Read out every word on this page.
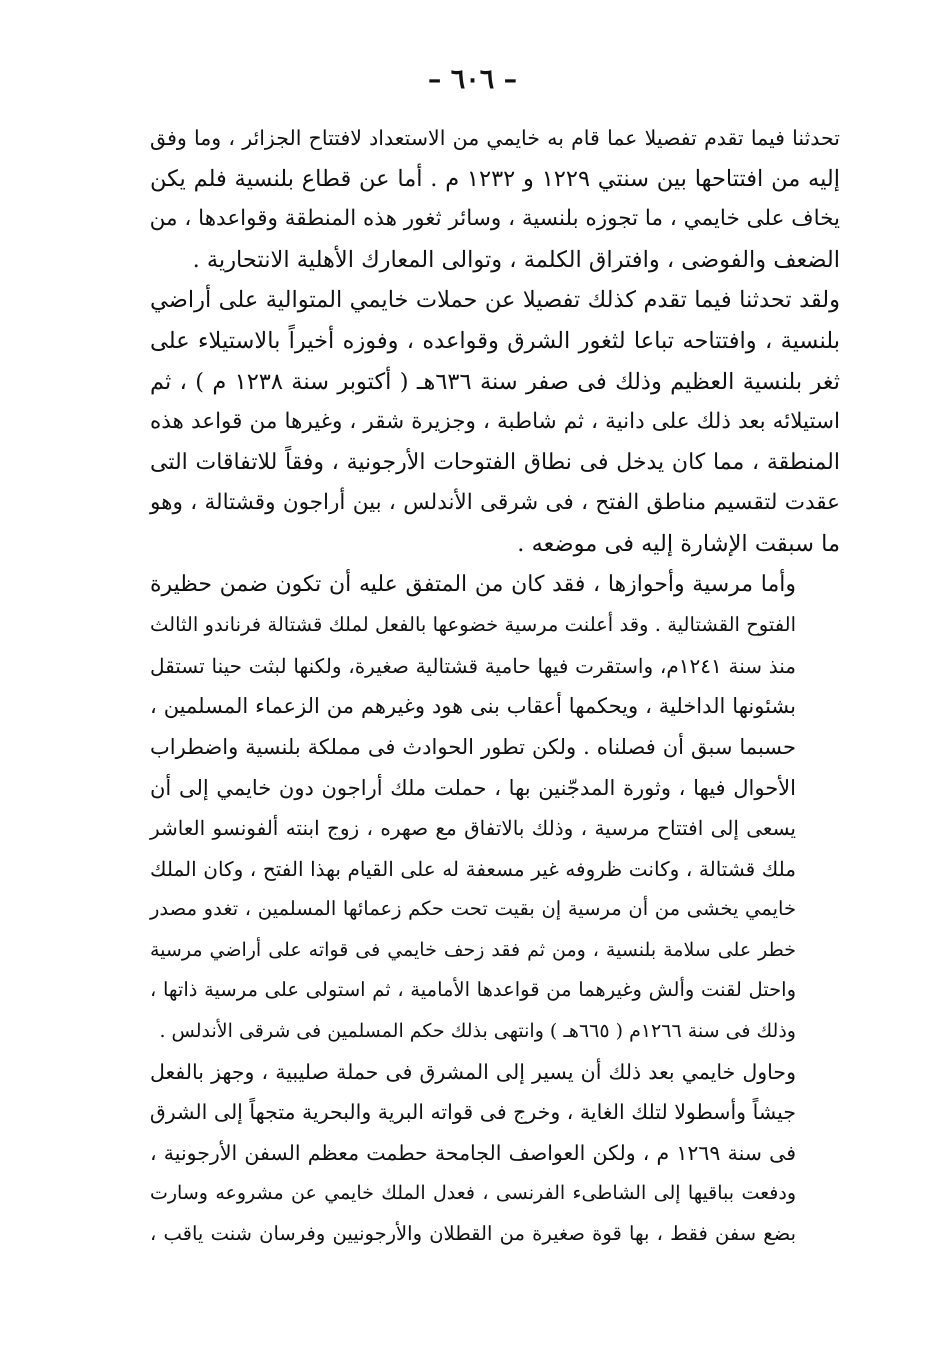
– ٦٠٦ –

تحدثنا فيما تقدم تفصيلا عما قام به خايمي من الاستعداد لافتتاح الجزائر ، وما وفق
إليه من افتتاحها بين سنتي ١٢٢٩ و ١٢٣٢ م . أما عن قطاع بلنسية فلم يكن
يخاف على خايمي ، ما تجوزه بلنسية ، وسائر ثغور هذه المنطقة وقواعدها ، من
الضعف والفوضى ، وافتراق الكلمة ، وتوالى المعارك الأهلية الانتحارية .

ولقد تحدثنا فيما تقدم كذلك تفصيلا عن حملات خايمي المتوالية على أراضي
بلنسية ، وافتتاحه تباعا لثغور الشرق وقواعده ، وفوزه أخيراً بالاستيلاء على
ثغر بلنسية العظيم وذلك فى صفر سنة ٦٣٦هـ ( أكتوبر سنة ١٢٣٨ م ) ، ثم
استيلائه بعد ذلك على دانية ، ثم شاطبة ، وجزيرة شقر ، وغيرها من قواعد هذه
المنطقة ، مما كان يدخل فى نطاق الفتوحات الأرجونية ، وفقاً للاتفاقات التى
عقدت لتقسيم مناطق الفتح ، فى شرقى الأندلس ، بين أراجون وقشتالة ، وهو
ما سبقت الإشارة إليه فى موضعه .

وأما مرسية وأحوازها ، فقد كان من المتفق عليه أن تكون ضمن حظيرة
الفتوح القشتالية . وقد أعلنت مرسية خضوعها بالفعل لملك قشتالة فرناندو الثالث
منذ سنة ١٢٤١م، واستقرت فيها حامية قشتالية صغيرة، ولكنها لبثت حينا تستقل
بشئونها الداخلية ، ويحكمها أعقاب بنى هود وغيرهم من الزعماء المسلمين ،
حسبما سبق أن فصلناه . ولكن تطور الحوادث فى مملكة بلنسية واضطراب
الأحوال فيها ، وثورة المدجّنين بها ، حملت ملك أراجون دون خايمي إلى أن
يسعى إلى افتتاح مرسية ، وذلك بالاتفاق مع صهره ، زوج ابنته ألفونسو العاشر
ملك قشتالة ، وكانت ظروفه غير مسعفة له على القيام بهذا الفتح ، وكان الملك
خايمي يخشى من أن مرسية إن بقيت تحت حكم زعمائها المسلمين ، تغدو مصدر
خطر على سلامة بلنسية ، ومن ثم فقد زحف خايمي فى قواته على أراضي مرسية
واحتل لقنت وألش وغيرهما من قواعدها الأمامية ، ثم استولى على مرسية ذاتها ،
وذلك فى سنة ١٢٦٦م ( ٦٦٥هـ ) وانتهى بذلك حكم المسلمين فى شرقى الأندلس .

وحاول خايمي بعد ذلك أن يسير إلى المشرق فى حملة صليبية ، وجهز بالفعل
جيشاً وأسطولا لتلك الغاية ، وخرج فى قواته البرية والبحرية متجهاً إلى الشرق
فى سنة ١٢٦٩ م ، ولكن العواصف الجامحة حطمت معظم السفن الأرجونية ،
ودفعت بباقيها إلى الشاطىء الفرنسى ، فعدل الملك خايمي عن مشروعه وسارت
بضع سفن فقط ، بها قوة صغيرة من القطلان والأرجونيين وفرسان شنت ياقب ،
